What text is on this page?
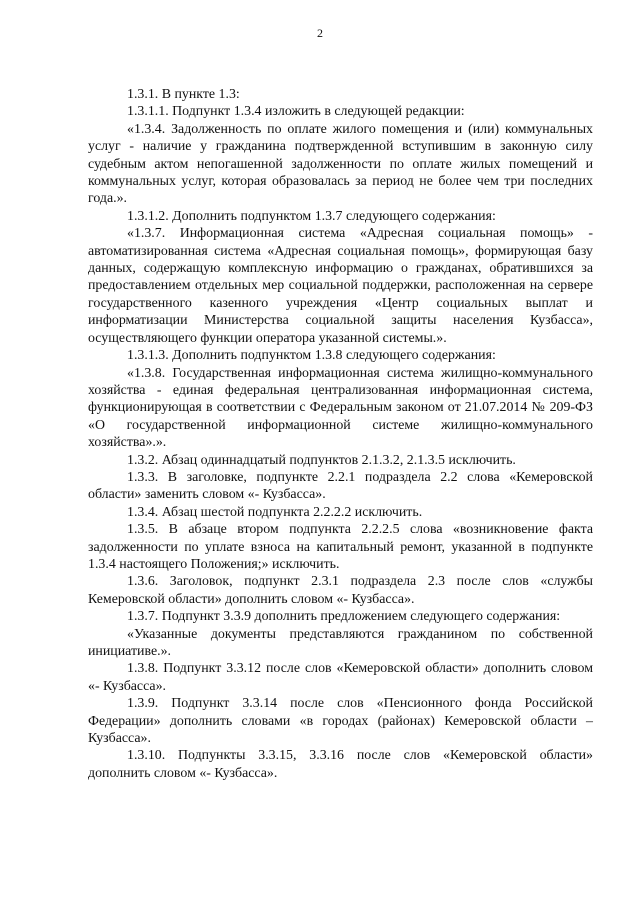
2

1.3.1. В пункте 1.3:

1.3.1.1. Подпункт 1.3.4 изложить в следующей редакции:

«1.3.4. Задолженность по оплате жилого помещения и (или) коммунальных услуг - наличие у гражданина подтвержденной вступившим в законную силу судебным актом непогашенной задолженности по оплате жилых помещений и коммунальных услуг, которая образовалась за период не более чем три последних года.».

1.3.1.2. Дополнить подпунктом 1.3.7 следующего содержания:

«1.3.7. Информационная система «Адресная социальная помощь» - автоматизированная система «Адресная социальная помощь», формирующая базу данных, содержащую комплексную информацию о гражданах, обратившихся за предоставлением отдельных мер социальной поддержки, расположенная на сервере государственного казенного учреждения «Центр социальных выплат и информатизации Министерства социальной защиты населения Кузбасса», осуществляющего функции оператора указанной системы.».

1.3.1.3. Дополнить подпунктом 1.3.8 следующего содержания:

«1.3.8. Государственная информационная система жилищно-коммунального хозяйства - единая федеральная централизованная информационная система, функционирующая в соответствии с Федеральным законом от 21.07.2014 № 209-ФЗ «О государственной информационной системе жилищно-коммунального хозяйства».».

1.3.2. Абзац одиннадцатый подпунктов 2.1.3.2, 2.1.3.5 исключить.

1.3.3. В заголовке, подпункте 2.2.1 подраздела 2.2 слова «Кемеровской области» заменить словом «- Кузбасса».

1.3.4. Абзац шестой подпункта 2.2.2.2 исключить.

1.3.5. В абзаце втором подпункта 2.2.2.5 слова «возникновение факта задолженности по уплате взноса на капитальный ремонт, указанной в подпункте 1.3.4 настоящего Положения;» исключить.

1.3.6. Заголовок, подпункт 2.3.1 подраздела 2.3 после слов «службы Кемеровской области» дополнить словом «- Кузбасса».

1.3.7. Подпункт 3.3.9 дополнить предложением следующего содержания:

«Указанные документы представляются гражданином по собственной инициативе.».

1.3.8. Подпункт 3.3.12 после слов «Кемеровской области» дополнить словом «- Кузбасса».

1.3.9. Подпункт 3.3.14 после слов «Пенсионного фонда Российской Федерации» дополнить словами «в городах (районах) Кемеровской области – Кузбасса».

1.3.10. Подпункты 3.3.15, 3.3.16 после слов «Кемеровской области» дополнить словом «- Кузбасса».
